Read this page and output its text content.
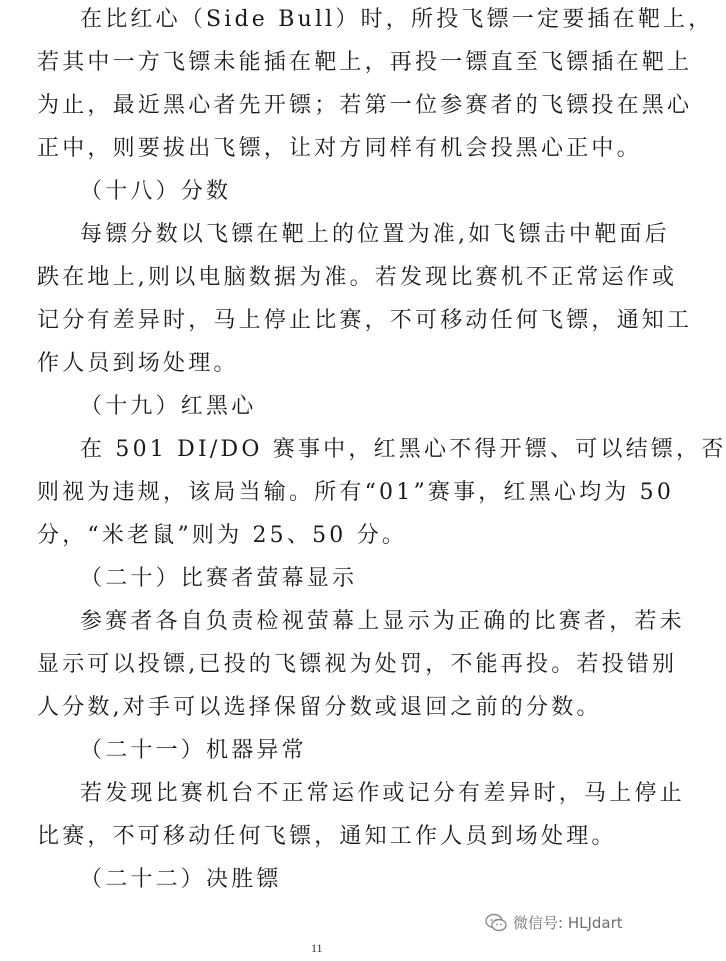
在比红心（Side Bull）时，所投飞镖一定要插在靶上，
若其中一方飞镖未能插在靶上，再投一镖直至飞镖插在靶上
为止，最近黑心者先开镖；若第一位参赛者的飞镖投在黑心
正中，则要拔出飞镖，让对方同样有机会投黑心正中。
（十八）分数
每镖分数以飞镖在靶上的位置为准,如飞镖击中靶面后
跌在地上,则以电脑数据为准。若发现比赛机不正常运作或
记分有差异时，马上停止比赛，不可移动任何飞镖，通知工
作人员到场处理。
（十九）红黑心
在 501 DI/DO 赛事中，红黑心不得开镖、可以结镖，否
则视为违规，该局当输。所有“01”赛事，红黑心均为 50
分，“米老鼠”则为 25、50 分。
（二十）比赛者萤幕显示
参赛者各自负责检视萤幕上显示为正确的比赛者，若未
显示可以投镖,已投的飞镖视为处罚，不能再投。若投错别
人分数,对手可以选择保留分数或退回之前的分数。
（二十一）机器异常
若发现比赛机台不正常运作或记分有差异时，马上停止
比赛，不可移动任何飞镖，通知工作人员到场处理。
（二十二）决胜镖
微信号: HLJdart
11
